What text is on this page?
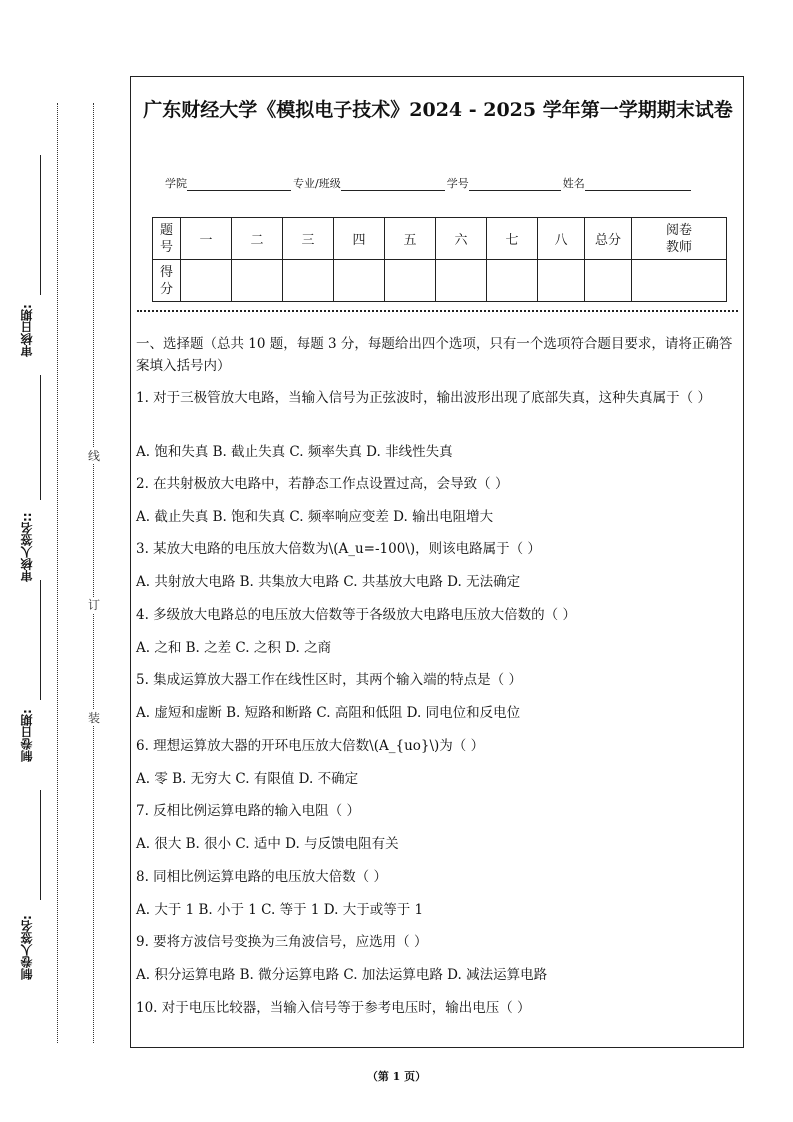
审核日期:
审核人签名::
制卷日期:
制卷人签名:
线
订
装
广东财经大学《模拟电子技术》2024 - 2025 学年第一学期期末试卷
学院	专业/班级	学号	姓名
题
号	一	二	三	四	五	六	七	八	总分	阅卷
教师
得
分										
一、选择题（总共 10 题，每题 3 分，每题给出四个选项，只有一个选项符合题目要求，请将正确答案填入括号内）
1. 对于三极管放大电路，当输入信号为正弦波时，输出波形出现了底部失真，这种失真属于（ ）
A. 饱和失真 B. 截止失真 C. 频率失真 D. 非线性失真
2. 在共射极放大电路中，若静态工作点设置过高，会导致（ ）
A. 截止失真 B. 饱和失真 C. 频率响应变差 D. 输出电阻增大
3. 某放大电路的电压放大倍数为\(A_u=-100\)，则该电路属于（ ）
A. 共射放大电路 B. 共集放大电路 C. 共基放大电路 D. 无法确定
4. 多级放大电路总的电压放大倍数等于各级放大电路电压放大倍数的（ ）
A. 之和 B. 之差 C. 之积 D. 之商
5. 集成运算放大器工作在线性区时，其两个输入端的特点是（ ）
A. 虚短和虚断 B. 短路和断路 C. 高阻和低阻 D. 同电位和反电位
6. 理想运算放大器的开环电压放大倍数\(A_{uo}\)为（ ）
A. 零 B. 无穷大 C. 有限值 D. 不确定
7. 反相比例运算电路的输入电阻（ ）
A. 很大 B. 很小 C. 适中 D. 与反馈电阻有关
8. 同相比例运算电路的电压放大倍数（ ）
A. 大于 1 B. 小于 1 C. 等于 1 D. 大于或等于 1
9. 要将方波信号变换为三角波信号，应选用（ ）
A. 积分运算电路 B. 微分运算电路 C. 加法运算电路 D. 减法运算电路
10. 对于电压比较器，当输入信号等于参考电压时，输出电压（ ）
（第 1 页）
